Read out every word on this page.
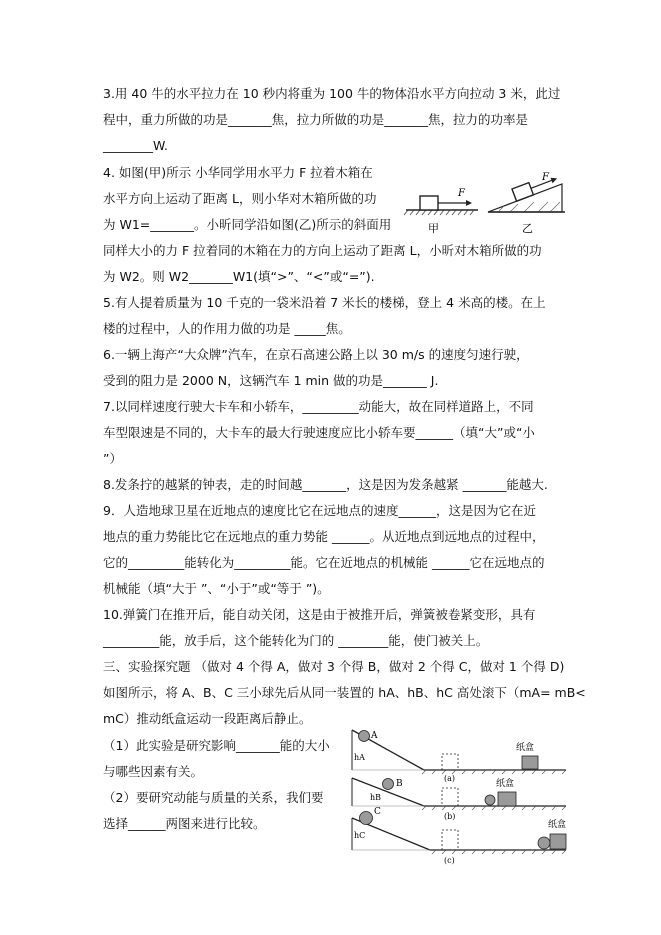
3.用 40 牛的水平拉力在 10 秒内将重为 100 牛的物体沿水平方向拉动 3 米，此过
程中，重力所做的功是_______焦，拉力所做的功是_______焦，拉力的功率是
________W.
4. 如图(甲)所示 小华同学用水平力 F 拉着木箱在
水平方向上运动了距离 L，则小华对木箱所做的功
为 W1=_______。小昕同学沿如图(乙)所示的斜面用
同样大小的力 F 拉着同的木箱在力的方向上运动了距离 L，小昕对木箱所做的功
为 W2。则 W2_______W1(填“>”、“<”或“=”).
5.有人提着质量为 10 千克的一袋米沿着 7 米长的楼梯，登上 4 米高的楼。在上
楼的过程中，人的作用力做的功是 _____焦。
6.一辆上海产“大众牌”汽车，在京石高速公路上以 30 m/s 的速度匀速行驶，
受到的阻力是 2000 N，这辆汽车 1 min 做的功是_______ J.
7.以同样速度行驶大卡车和小轿车，_________动能大，故在同样道路上，不同
车型限速是不同的，大卡车的最大行驶速度应比小轿车要______（填“大”或“小
”）
8.发条拧的越紧的钟表，走的时间越_______，这是因为发条越紧 _______能越大.
9．人造地球卫星在近地点的速度比它在远地点的速度______，这是因为它在近
地点的重力势能比它在远地点的重力势能 ______。从近地点到远地点的过程中，
它的_________能转化为_________能。它在近地点的机械能 ______它在远地点的
机械能（填“大于 ”、“小于”或“等于 ”)。
10.弹簧门在推开后，能自动关闭，这是由于被推开后，弹簧被卷紧变形，具有
_________能，放手后，这个能转化为门的 ________能，使门被关上。
三、实验探究题 （做对 4 个得 A，做对 3 个得 B，做对 2 个得 C，做对 1 个得 D)
如图所示，将 A、B、C 三小球先后从同一装置的 hA、hB、hC 高处滚下（mA= mB<
mC）推动纸盒运动一段距离后静止。
（1）此实验是研究影响_______能的大小
与哪些因素有关。
（2）要研究动能与质量的关系，我们要
选择______两图来进行比较。
F
甲
F
乙
A
hA
(a)
纸盒
B
hB
纸盒
(b)
C
hC
纸盒
(c)
